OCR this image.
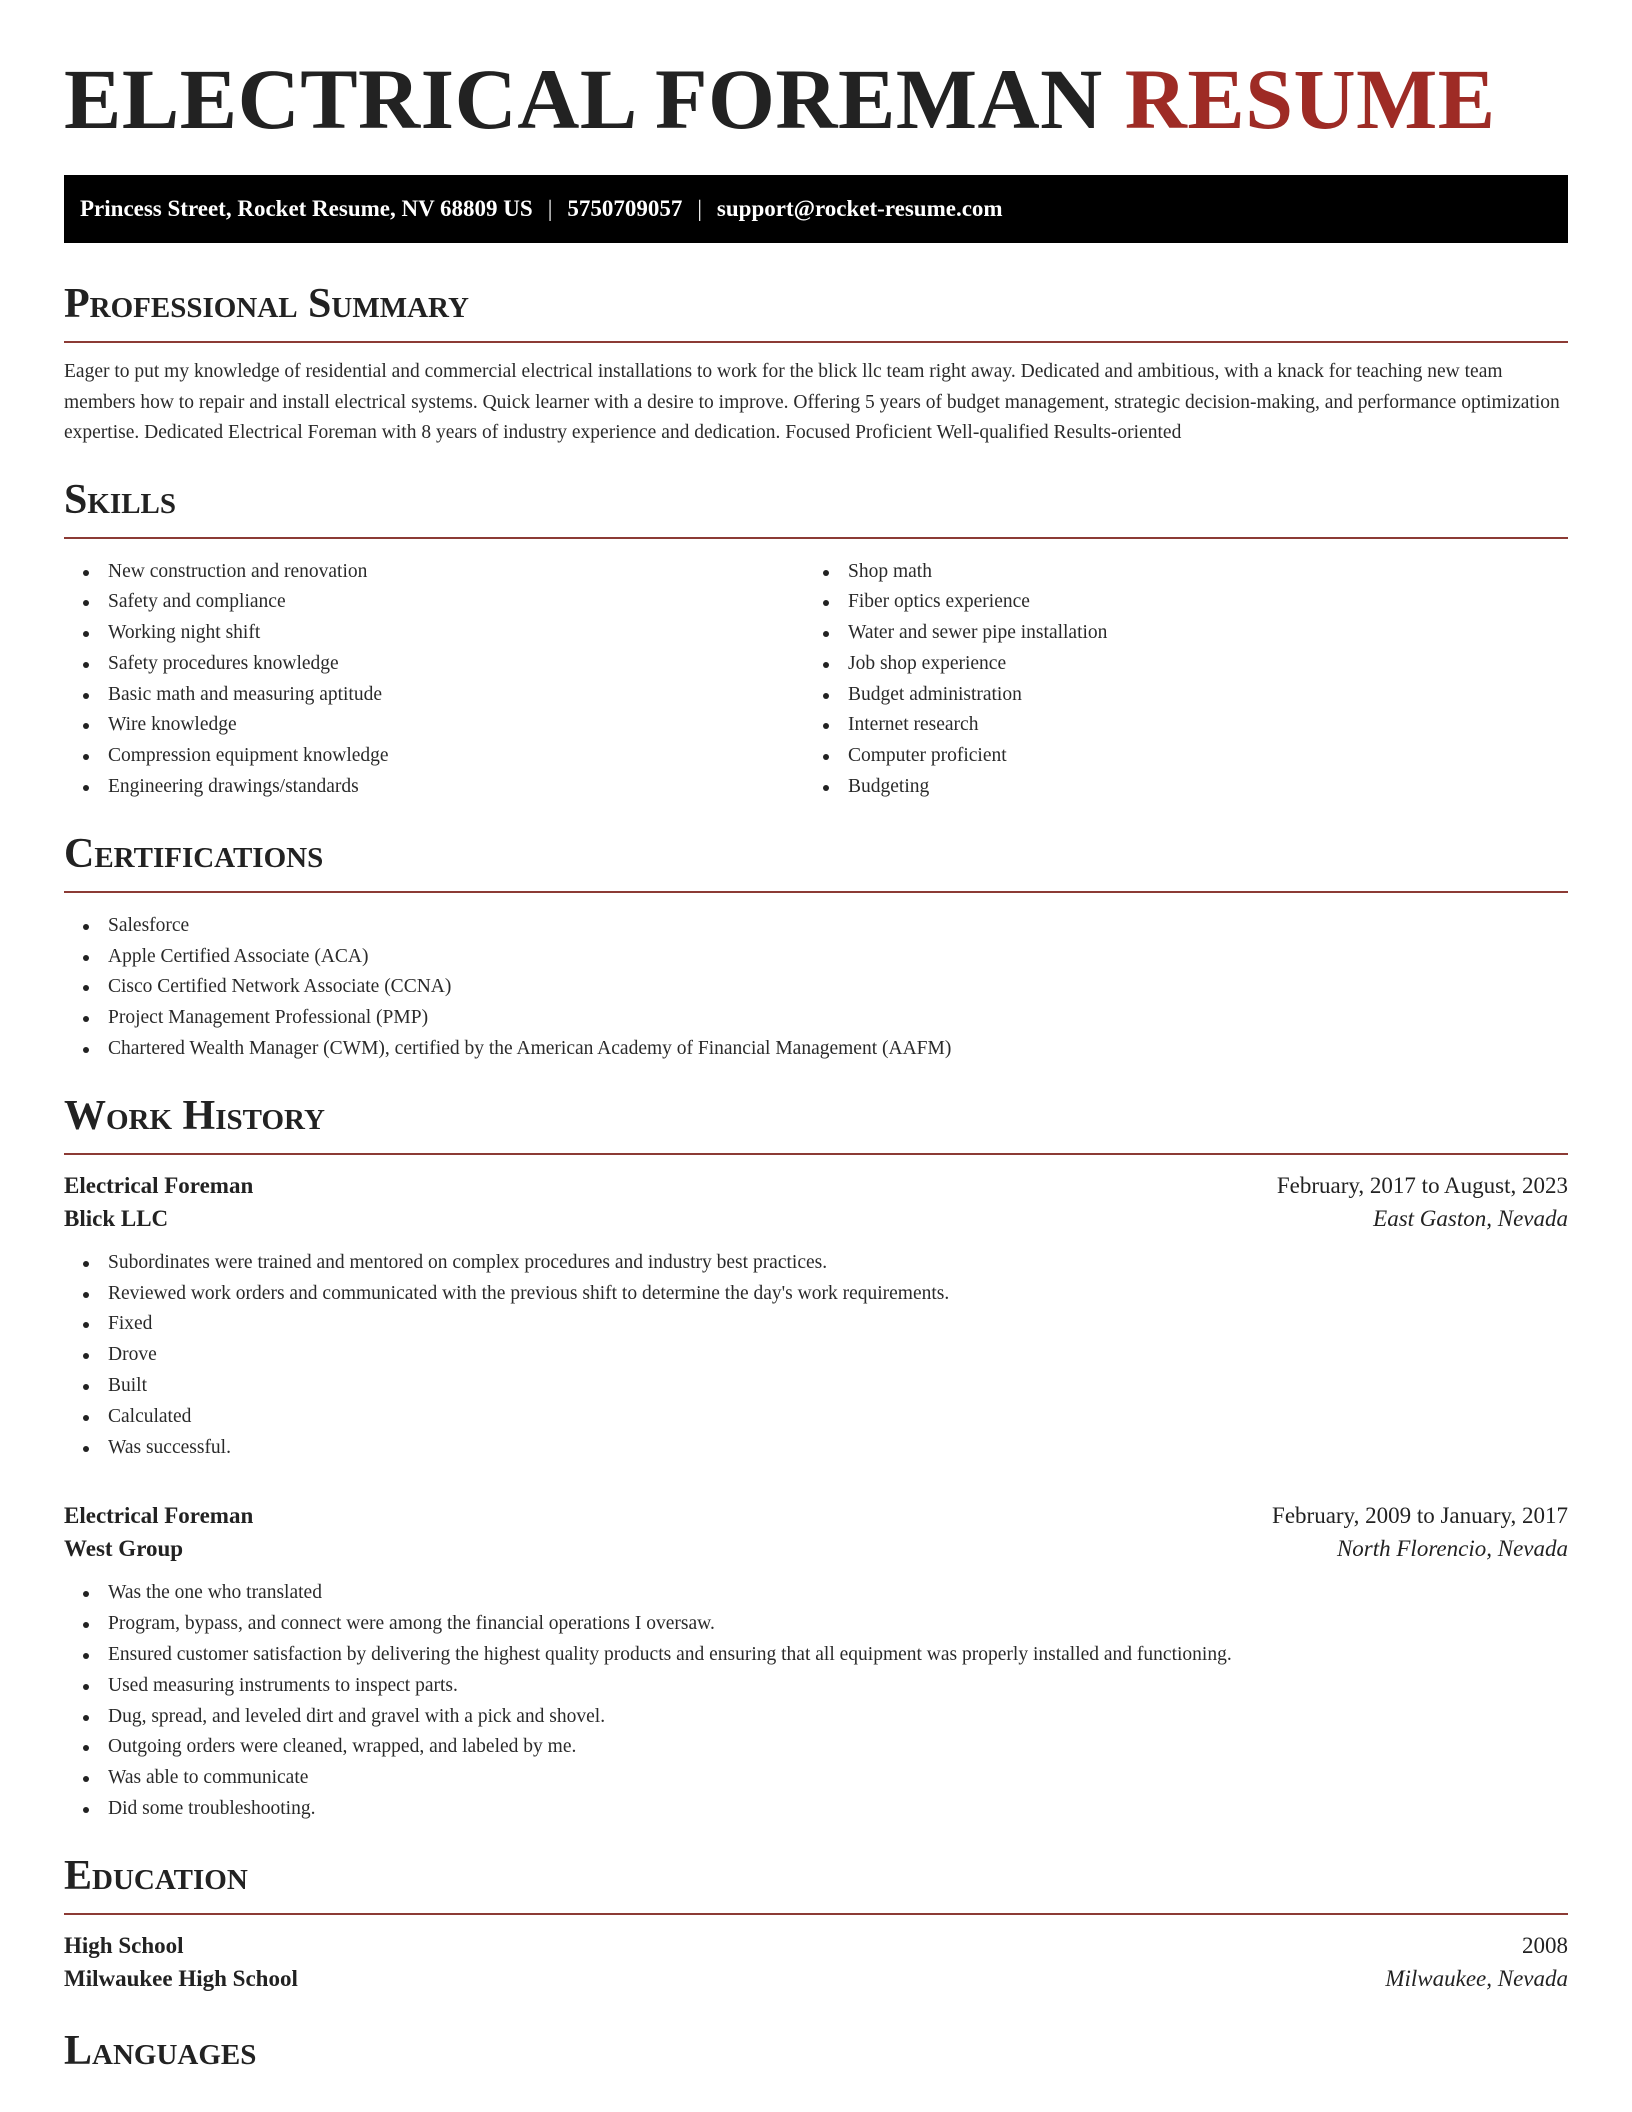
ELECTRICAL FOREMAN RESUME
Princess Street, Rocket Resume, NV 68809 US | 5750709057 | support@rocket-resume.com
Professional Summary

Eager to put my knowledge of residential and commercial electrical installations to work for the blick llc team right away. Dedicated and ambitious, with a knack for teaching new team members how to repair and install electrical systems. Quick learner with a desire to improve. Offering 5 years of budget management, strategic decision-making, and performance optimization expertise. Dedicated Electrical Foreman with 8 years of industry experience and dedication. Focused Proficient Well-qualified Results-oriented

Skills
New construction and renovation
Safety and compliance
Working night shift
Safety procedures knowledge
Basic math and measuring aptitude
Wire knowledge
Compression equipment knowledge
Engineering drawings/standards
Shop math
Fiber optics experience
Water and sewer pipe installation
Job shop experience
Budget administration
Internet research
Computer proficient
Budgeting
Certifications
Salesforce
Apple Certified Associate (ACA)
Cisco Certified Network Associate (CCNA)
Project Management Professional (PMP)
Chartered Wealth Manager (CWM), certified by the American Academy of Financial Management (AAFM)
Work History
Electrical Foreman	February, 2017 to August, 2023
Blick LLC	East Gaston, Nevada
Subordinates were trained and mentored on complex procedures and industry best practices.
Reviewed work orders and communicated with the previous shift to determine the day's work requirements.
Fixed
Drove
Built
Calculated
Was successful.
Electrical Foreman	February, 2009 to January, 2017
West Group	North Florencio, Nevada
Was the one who translated
Program, bypass, and connect were among the financial operations I oversaw.
Ensured customer satisfaction by delivering the highest quality products and ensuring that all equipment was properly installed and functioning.
Used measuring instruments to inspect parts.
Dug, spread, and leveled dirt and gravel with a pick and shovel.
Outgoing orders were cleaned, wrapped, and labeled by me.
Was able to communicate
Did some troubleshooting.
Education
High School	2008
Milwaukee High School	Milwaukee, Nevada
Languages
